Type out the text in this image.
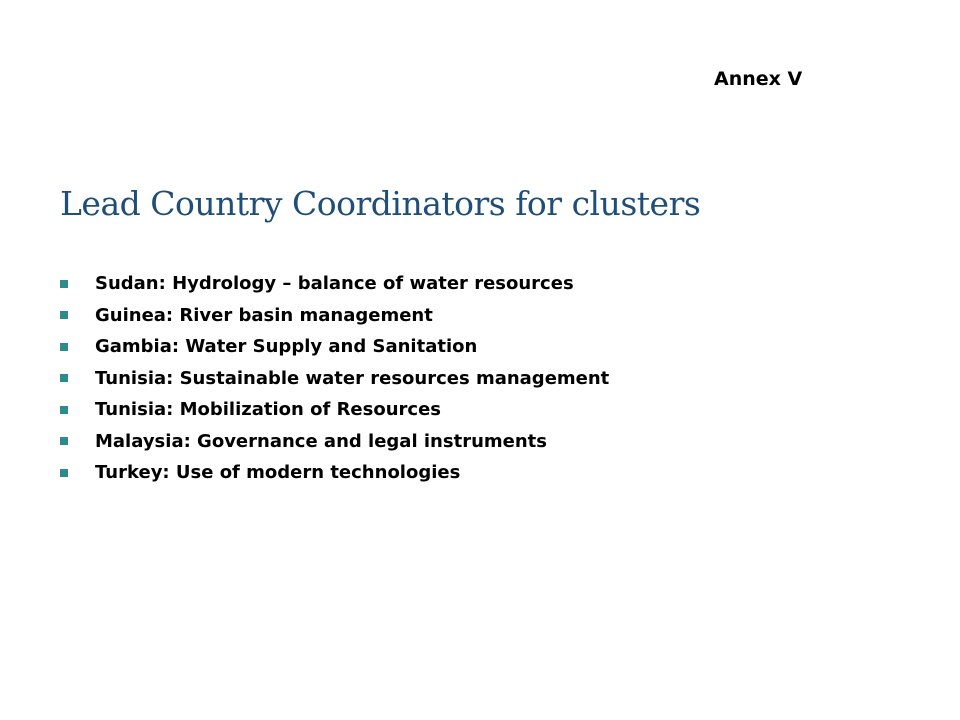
Annex V
Lead Country Coordinators for clusters
Sudan: Hydrology – balance of water resources
Guinea: River basin management
Gambia: Water Supply and Sanitation
Tunisia: Sustainable water resources management
Tunisia: Mobilization of Resources
Malaysia: Governance and legal instruments
Turkey: Use of modern technologies
